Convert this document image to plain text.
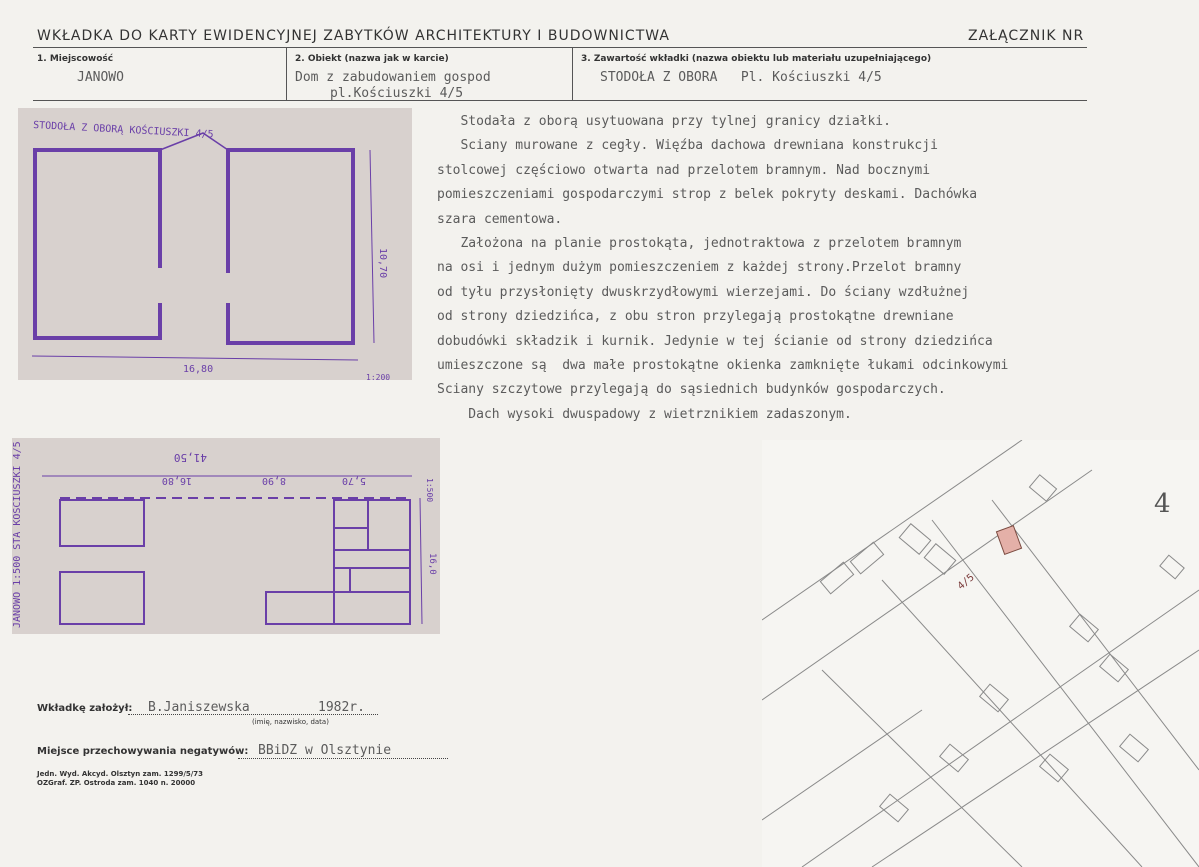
WKŁADKA DO KARTY EWIDENCYJNEJ ZABYTKÓW ARCHITEKTURY I BUDOWNICTWA	ZAŁĄCZNIK NR
1. Miejscowość
JANOWO
2. Obiekt (nazwa jak w karcie)
Dom z zabudowaniem gospod
pl.Kościuszki 4/5
3. Zawartość wkładki (nazwa obiektu lub materiału uzupełniającego)
STODOŁA Z OBORA   Pl. Kościuszki 4/5
Stodała z oborą usytuowana przy tylnej granicy działki.
Sciany murowane z cegły. Więźba dachowa drewniana konstrukcji
stolcowej częściowo otwarta nad przelotem bramnym. Nad bocznymi
pomieszczeniami gospodarczymi strop z belek pokryty deskami. Dachówka
szara cementowa.
Założona na planie prostokąta, jednotraktowa z przelotem bramnym
na osi i jednym dużym pomieszczeniem z każdej strony.Przelot bramny
od tyłu przysłonięty dwuskrzydłowymi wierzejami. Do ściany wzdłużnej
od strony dziedzińca, z obu stron przylegają prostokątne drewniane
dobudówki składzik i kurnik. Jedynie w tej ścianie od strony dziedzińca
umieszczone są  dwa małe prostokątne okienka zamknięte łukami odcinkowymi
Sciany szczytowe przylegają do sąsiednich budynków gospodarczych.
Dach wysoki dwuspadowy z wietrznikiem zadaszonym.
STODOŁA Z OBORĄ KOŚCIUSZKI 4/5
16,80
10,70
1:200
41,50
16,80	8,90	5,70
JANOWO 1:500 STA KOŚCIUSZKI 4/5	1:500
16,0
4/5
4
Wkładkę założył: B.Janiszewska	1982r.
(imię, nazwisko, data)
Miejsce przechowywania negatywów: BBiDZ w Olsztynie
Jedn. Wyd. Akcyd. Olsztyn zam. 1299/5/73
OZGraf. ZP. Ostroda zam. 1040 n. 20000
